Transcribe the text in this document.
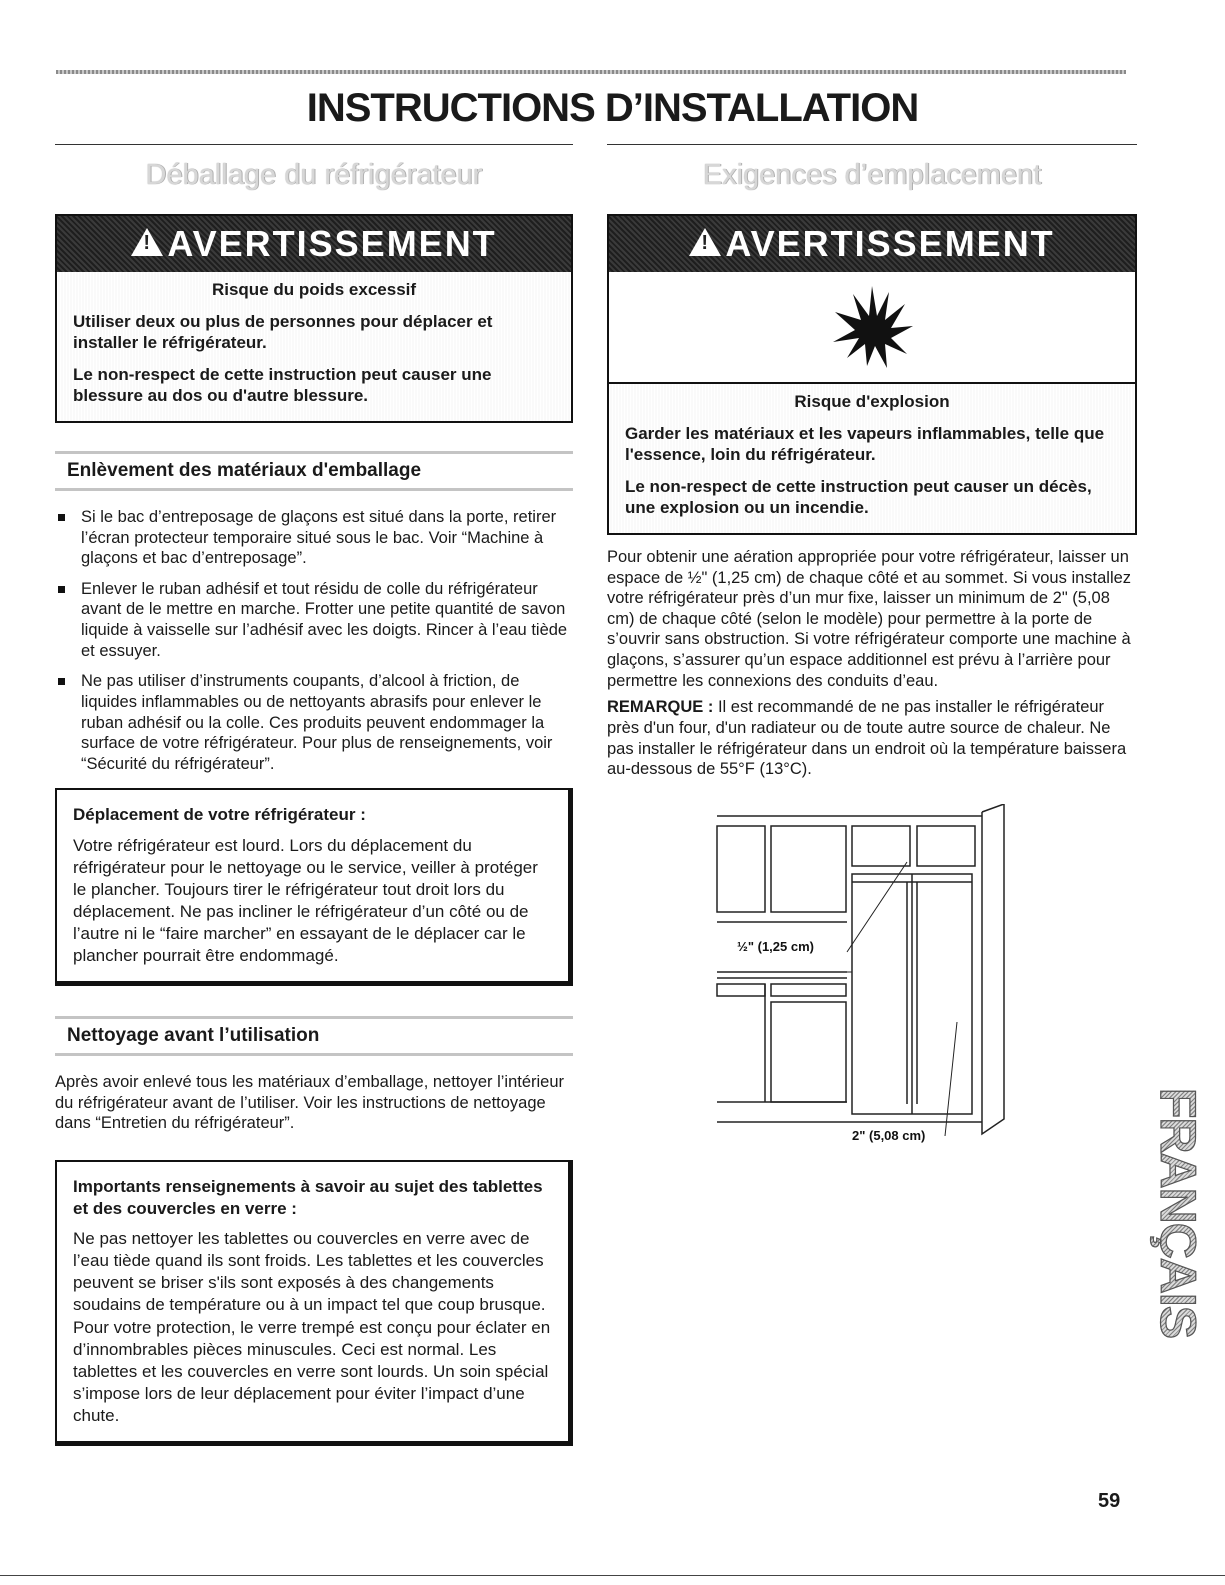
INSTRUCTIONS D’INSTALLATION
Déballage du réfrigérateur
!
AVERTISSEMENT
Risque du poids excessif

Utiliser deux ou plus de personnes pour déplacer et installer le réfrigérateur.

Le non-respect de cette instruction peut causer une blessure au dos ou d'autre blessure.

Enlèvement des matériaux d'emballage
Si le bac d’entreposage de glaçons est situé dans la porte, retirer l’écran protecteur temporaire situé sous le bac. Voir “Machine à glaçons et bac d’entreposage”.
Enlever le ruban adhésif et tout résidu de colle du réfrigérateur avant de le mettre en marche. Frotter une petite quantité de savon liquide à vaisselle sur l’adhésif avec les doigts. Rincer à l’eau tiède et essuyer.
Ne pas utiliser d’instruments coupants, d’alcool à friction, de liquides inflammables ou de nettoyants abrasifs pour enlever le ruban adhésif ou la colle. Ces produits peuvent endommager la surface de votre réfrigérateur. Pour plus de renseignements, voir “Sécurité du réfrigérateur”.
Déplacement de votre réfrigérateur :

Votre réfrigérateur est lourd. Lors du déplacement du réfrigérateur pour le nettoyage ou le service, veiller à protéger le plancher. Toujours tirer le réfrigérateur tout droit lors du déplacement. Ne pas incliner le réfrigérateur d’un côté ou de l’autre ni le “faire marcher” en essayant de le déplacer car le plancher pourrait être endommagé.

Nettoyage avant l’utilisation

Après avoir enlevé tous les matériaux d’emballage, nettoyer l’intérieur du réfrigérateur avant de l’utiliser. Voir les instructions de nettoyage dans “Entretien du réfrigérateur”.

Importants renseignements à savoir au sujet des tablettes et des couvercles en verre :

Ne pas nettoyer les tablettes ou couvercles en verre avec de l’eau tiède quand ils sont froids. Les tablettes et les couvercles peuvent se briser s'ils sont exposés à des changements soudains de température ou à un impact tel que coup brusque. Pour votre protection, le verre trempé est conçu pour éclater en d’innombrables pièces minuscules. Ceci est normal. Les tablettes et les couvercles en verre sont lourds. Un soin spécial s’impose lors de leur déplacement pour éviter l’impact d’une chute.

Exigences d’emplacement
!
AVERTISSEMENT
Risque d'explosion

Garder les matériaux et les vapeurs inflammables, telle que l'essence, loin du réfrigérateur.

Le non-respect de cette instruction peut causer un décès, une explosion ou un incendie.

Pour obtenir une aération appropriée pour votre réfrigérateur, laisser un espace de ½" (1,25 cm) de chaque côté et au sommet. Si vous installez votre réfrigérateur près d’un mur fixe, laisser un minimum de 2" (5,08 cm) de chaque côté (selon le modèle) pour permettre à la porte de s’ouvrir sans obstruction. Si votre réfrigérateur comporte une machine à glaçons, s’assurer qu’un espace additionnel est prévu à l’arrière pour permettre les connexions des conduits d’eau.

REMARQUE : Il est recommandé de ne pas installer le réfrigérateur près d'un four, d'un radiateur ou de toute autre source de chaleur. Ne pas installer le réfrigérateur dans un endroit où la température baissera au-dessous de 55°F (13°C).

½" (1,25 cm)
2" (5,08 cm)	FRANÇAIS
59
